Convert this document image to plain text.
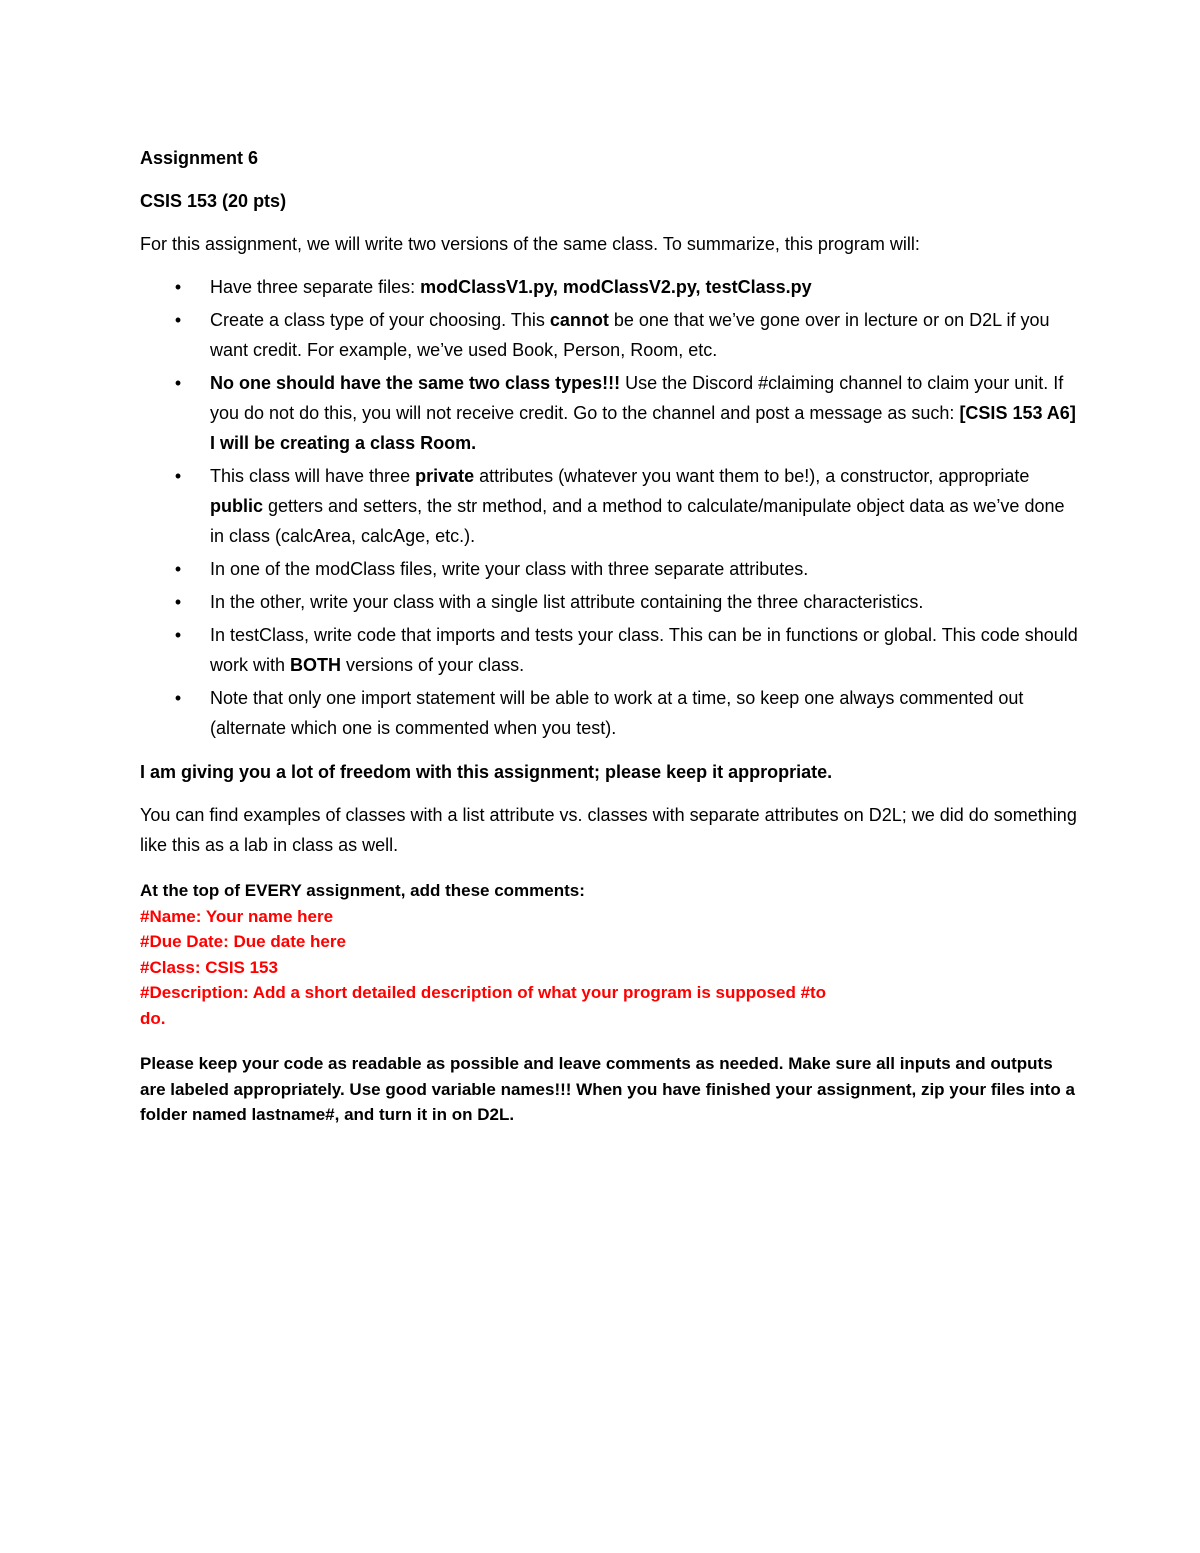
Assignment 6

CSIS 153 (20 pts)

For this assignment, we will write two versions of the same class. To summarize, this program will:

• Have three separate files: modClassV1.py, modClassV2.py, testClass.py
• Create a class type of your choosing. This cannot be one that we’ve gone over in lecture or on D2L if you want credit. For example, we’ve used Book, Person, Room, etc.
• No one should have the same two class types!!! Use the Discord #claiming channel to claim your unit. If you do not do this, you will not receive credit. Go to the channel and post a message as such: [CSIS 153 A6] I will be creating a class Room.
• This class will have three private attributes (whatever you want them to be!), a constructor, appropriate public getters and setters, the str method, and a method to calculate/manipulate object data as we’ve done in class (calcArea, calcAge, etc.).
• In one of the modClass files, write your class with three separate attributes.
• In the other, write your class with a single list attribute containing the three characteristics.
• In testClass, write code that imports and tests your class. This can be in functions or global. This code should work with BOTH versions of your class.
• Note that only one import statement will be able to work at a time, so keep one always commented out (alternate which one is commented when you test).

I am giving you a lot of freedom with this assignment; please keep it appropriate.

You can find examples of classes with a list attribute vs. classes with separate attributes on D2L; we did do something like this as a lab in class as well.

At the top of EVERY assignment, add these comments:
#Name: Your name here
#Due Date: Due date here
#Class: CSIS 153
#Description: Add a short detailed description of what your program is supposed #to do.

Please keep your code as readable as possible and leave comments as needed. Make sure all inputs and outputs are labeled appropriately. Use good variable names!!! When you have finished your assignment, zip your files into a folder named lastname#, and turn it in on D2L.
